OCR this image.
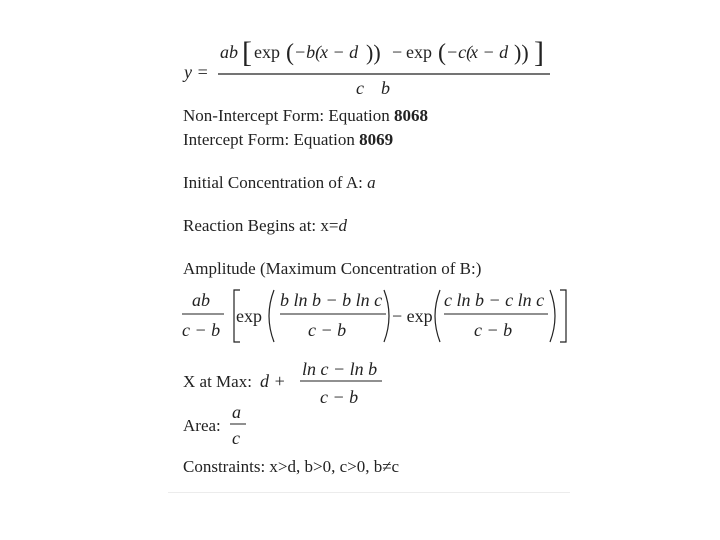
y =
ab [ exp ( −b(
x − d )) − exp ( −c(
x − d )) ]
c b
Non-Intercept Form: Equation 8068
Intercept Form: Equation 8069
Initial Concentration of A: a
Reaction Begins at: x=d
Amplitude (Maximum Concentration of B:)
ab
c − b
exp
b ln b − b ln c
c − b
− exp
c ln b − c ln c
c − b
X at Max: d +
ln c − ln b
c − b
Area:
a
c
Constraints: x>d, b>0, c>0, b≠c
